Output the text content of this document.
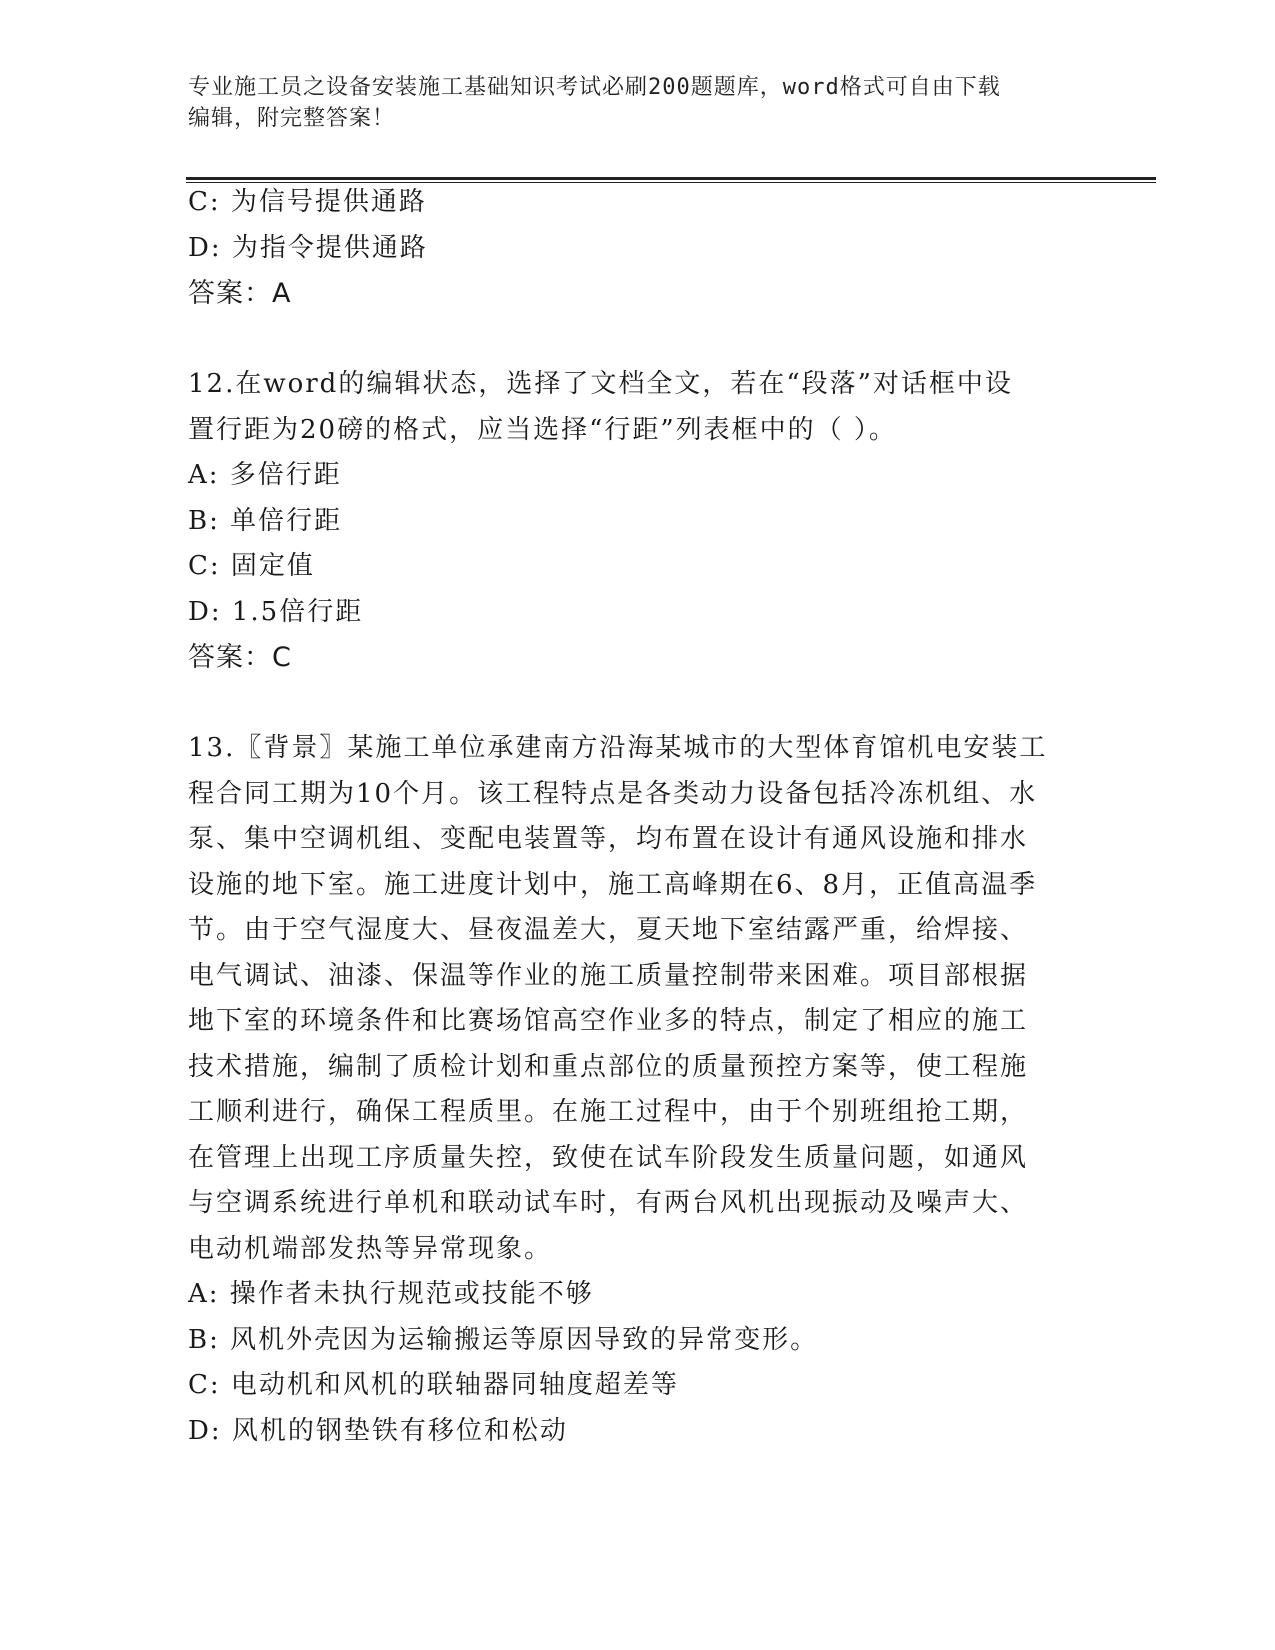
专业施工员之设备安装施工基础知识考试必刷200题题库，word格式可自由下载
编辑，附完整答案！
C: 为信号提供通路
D: 为指令提供通路
答案：A
12.在word的编辑状态，选择了文档全文，若在“段落”对话框中设
置行距为20磅的格式，应当选择“行距”列表框中的（ ）。
A: 多倍行距
B: 单倍行距
C: 固定值
D: 1.5倍行距
答案：C
13.〖背景〗某施工单位承建南方沿海某城市的大型体育馆机电安装工
程合同工期为10个月。该工程特点是各类动力设备包括冷冻机组、水
泵、集中空调机组、变配电装置等，均布置在设计有通风设施和排水
设施的地下室。施工进度计划中，施工高峰期在6、8月，正值高温季
节。由于空气湿度大、昼夜温差大，夏天地下室结露严重，给焊接、
电气调试、油漆、保温等作业的施工质量控制带来困难。项目部根据
地下室的环境条件和比赛场馆高空作业多的特点，制定了相应的施工
技术措施，编制了质检计划和重点部位的质量预控方案等，使工程施
工顺利进行，确保工程质里。在施工过程中，由于个别班组抢工期，
在管理上出现工序质量失控，致使在试车阶段发生质量问题，如通风
与空调系统进行单机和联动试车时，有两台风机出现振动及噪声大、
电动机端部发热等异常现象。
A: 操作者未执行规范或技能不够
B: 风机外壳因为运输搬运等原因导致的异常变形。
C: 电动机和风机的联轴器同轴度超差等
D: 风机的钢垫铁有移位和松动
